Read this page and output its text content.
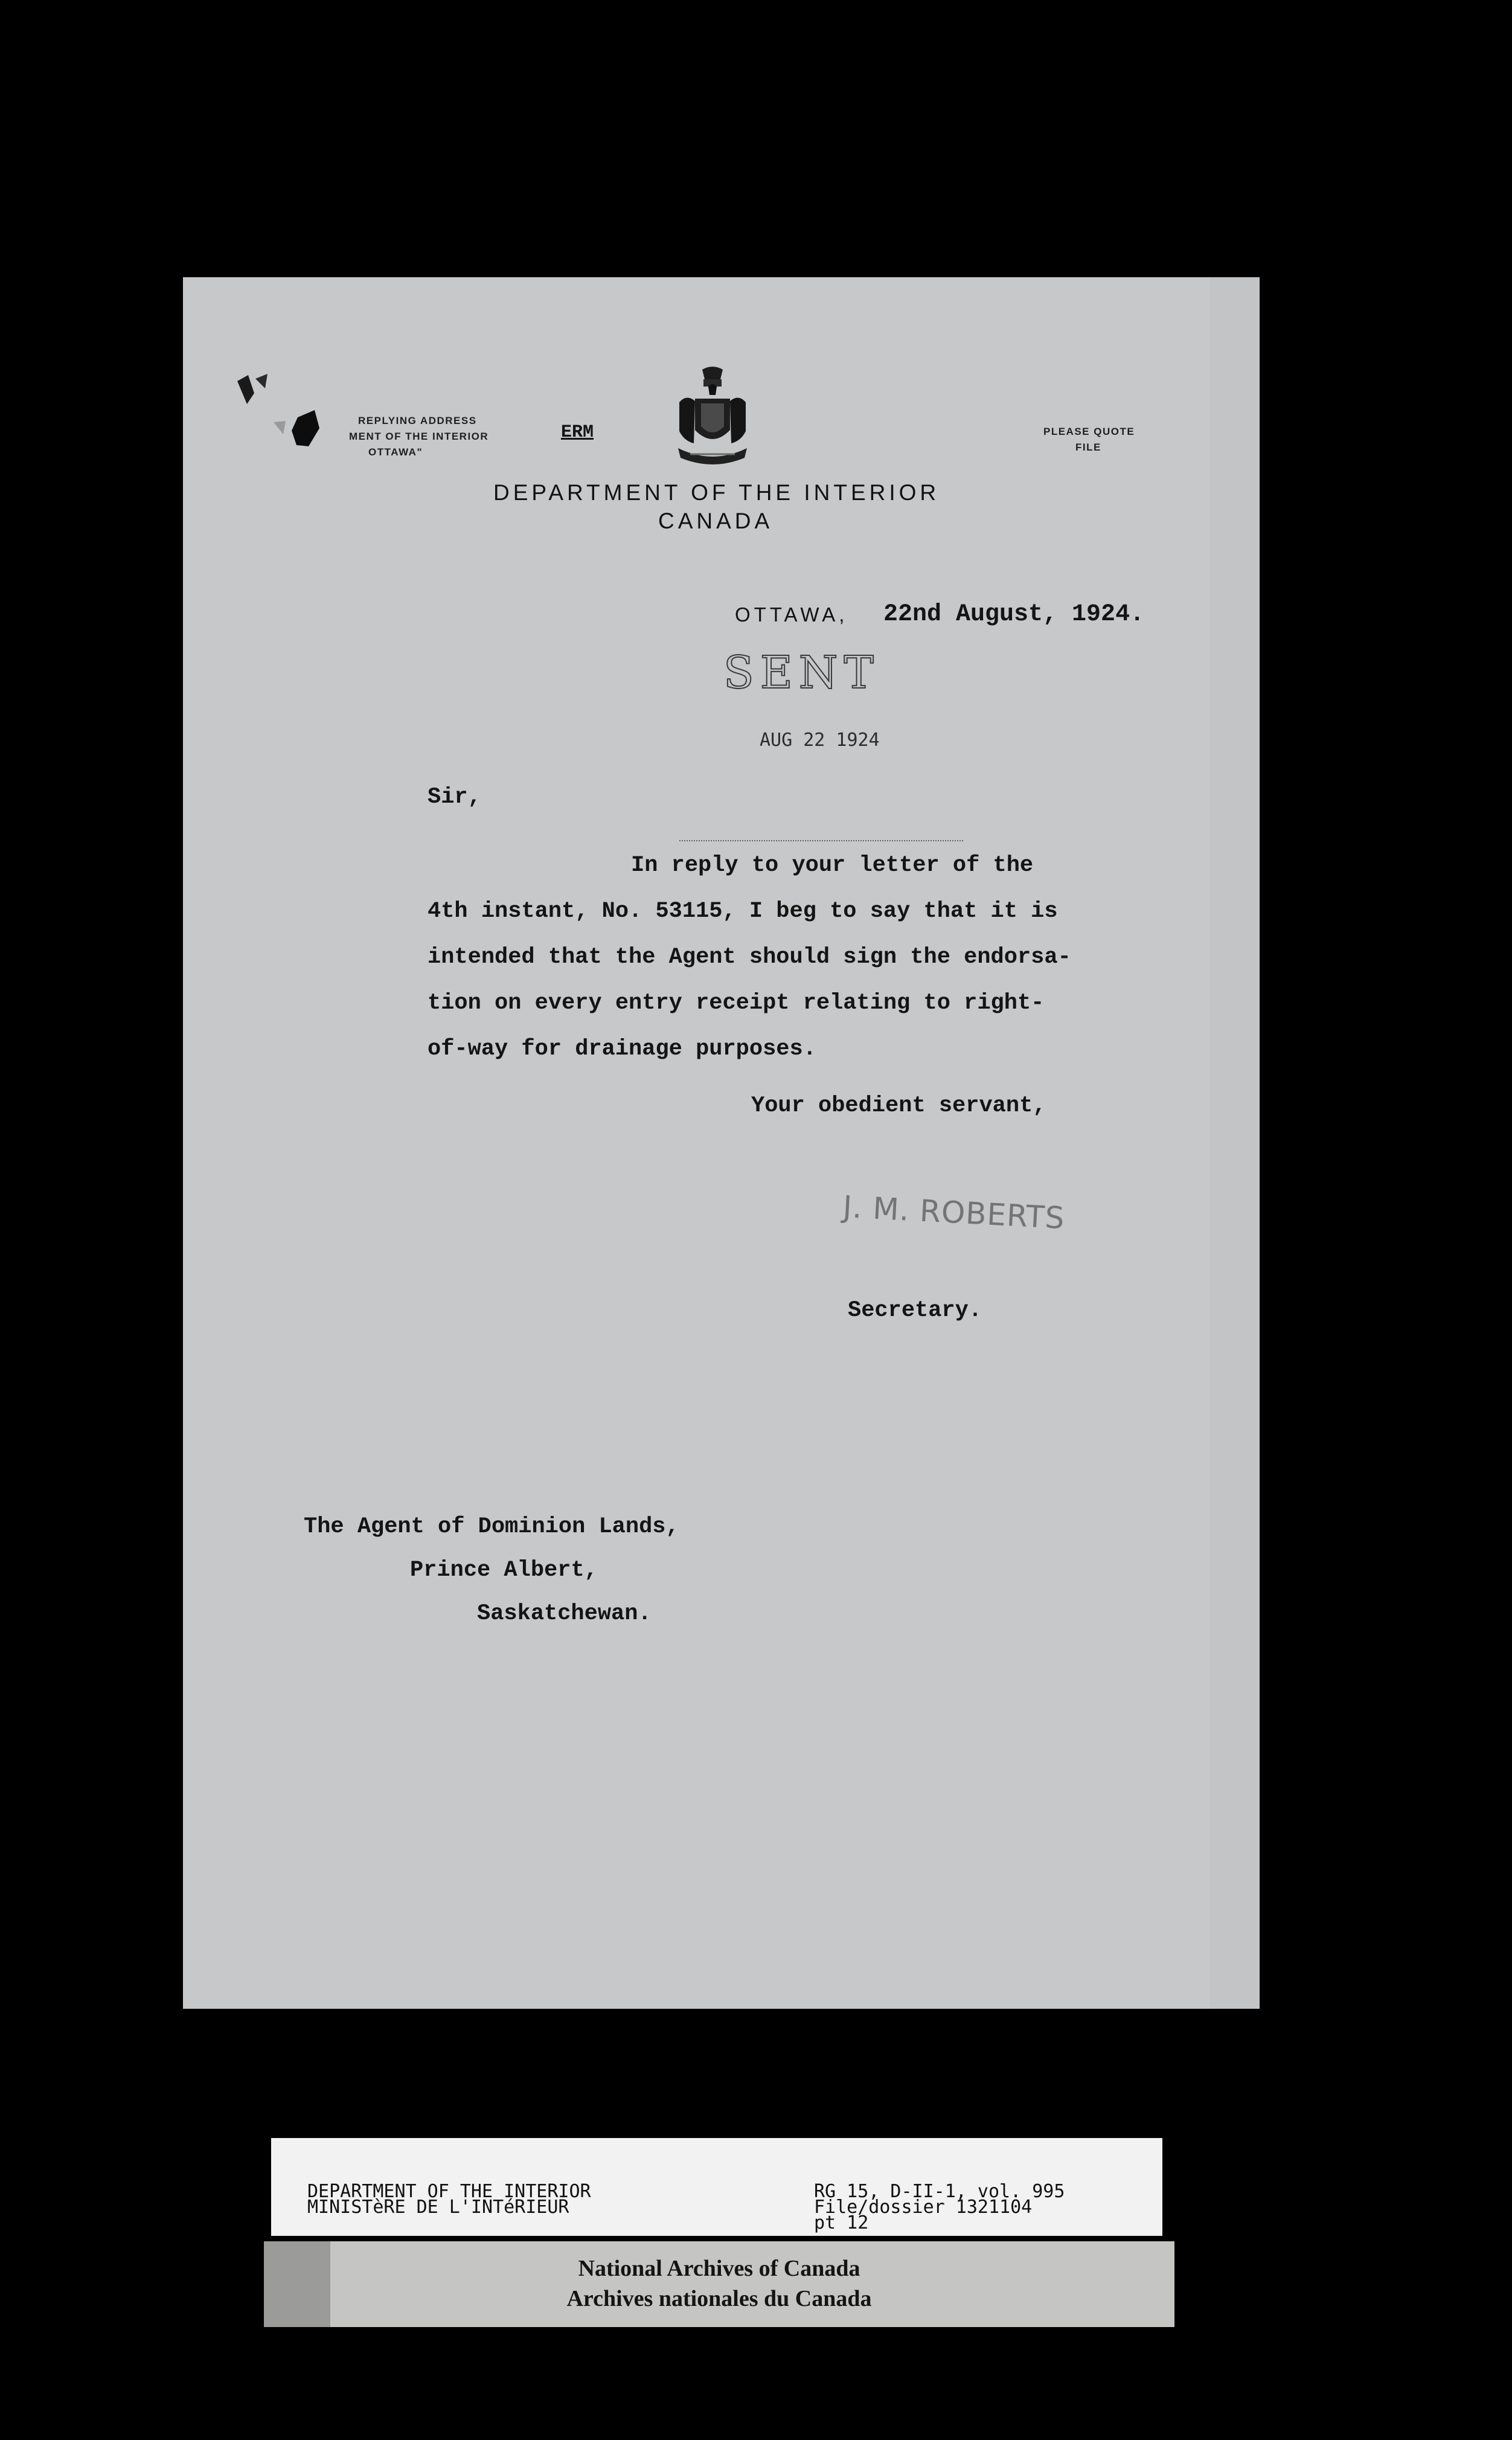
REPLYING ADDRESS
MENT OF THE INTERIOR
OTTAWA"
ERM	PLEASE QUOTE
FILE
DEPARTMENT OF THE INTERIOR
CANADA
OTTAWA, 22nd August, 1924.
SENT
AUG 22 1924
Sir,
In reply to your letter of the
4th instant, No. 53115, I beg to say that it is
intended that the Agent should sign the endorsa-
tion on every entry receipt relating to right-
of-way for drainage purposes.
Your obedient servant,
J. M. ROBERTS
Secretary.
The Agent of Dominion Lands,
Prince Albert,
Saskatchewan.
DEPARTMENT OF THE INTERIOR
MINISTèRE DE L'INTéRIEUR
RG 15, D-II-1, vol. 995
File/dossier 1321104
pt 12
National Archives of Canada
Archives nationales du Canada
